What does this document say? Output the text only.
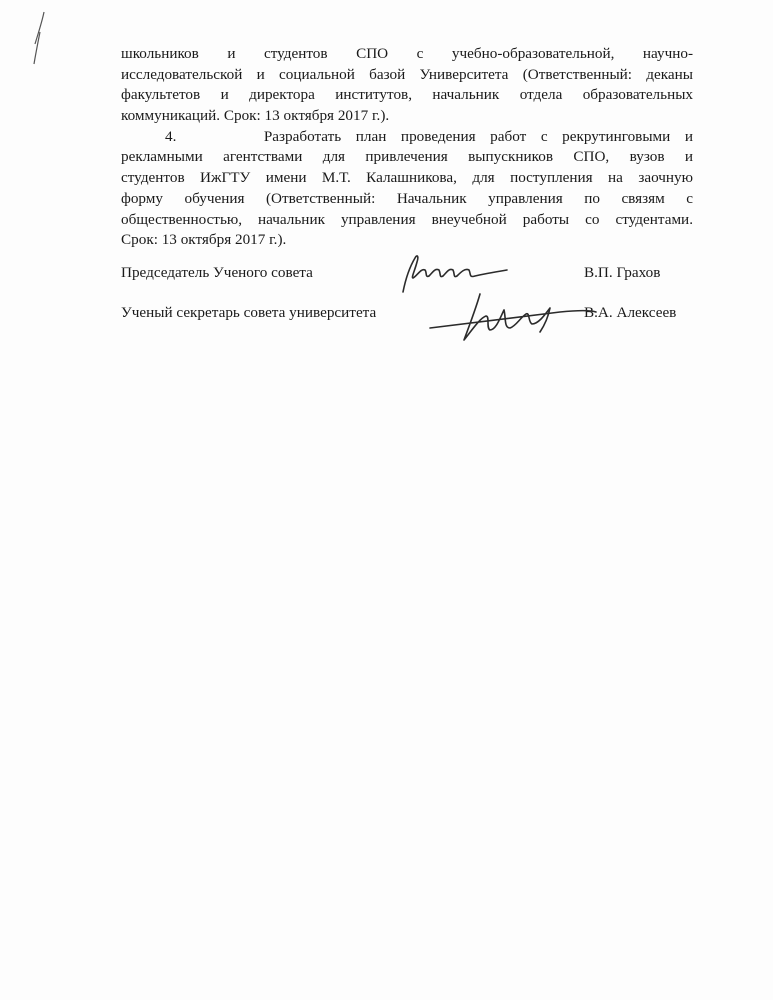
школьников и студентов СПО с учебно-образовательной, научно-
исследовательской и социальной базой Университета (Ответственный: деканы
факультетов и директора институтов, начальник отдела образовательных
коммуникаций. Срок: 13 октября 2017 г.).
4.      Разработать план проведения работ с рекрутинговыми и
рекламными агентствами для привлечения выпускников СПО, вузов и
студентов ИжГТУ имени М.Т. Калашникова, для поступления на заочную
форму обучения (Ответственный: Начальник управления по связям с
общественностью, начальник управления внеучебной работы со студентами.
Срок: 13 октября 2017 г.).
Председатель Ученого совета	В.П. Грахов
Ученый секретарь совета университета	В.А. Алексеев
